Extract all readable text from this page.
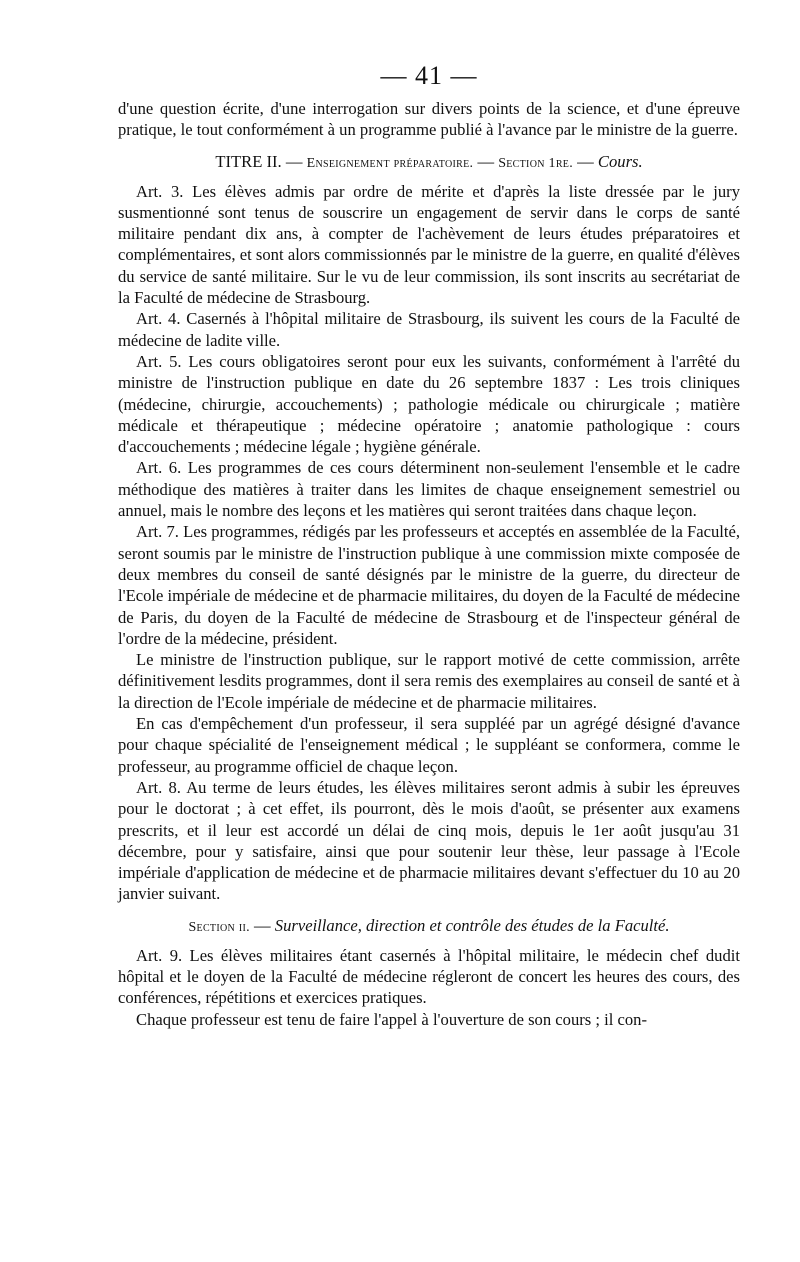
— 41 —

d'une question écrite, d'une interrogation sur divers points de la science, et d'une épreuve pratique, le tout conformément à un programme publié à l'avance par le ministre de la guerre.

TITRE II. — Enseignement préparatoire. — Section 1re. — Cours.

Art. 3. Les élèves admis par ordre de mérite et d'après la liste dressée par le jury susmentionné sont tenus de souscrire un engagement de servir dans le corps de santé militaire pendant dix ans, à compter de l'achèvement de leurs études préparatoires et complémentaires, et sont alors commissionnés par le ministre de la guerre, en qualité d'élèves du service de santé militaire. Sur le vu de leur commission, ils sont inscrits au secrétariat de la Faculté de médecine de Strasbourg.

Art. 4. Casernés à l'hôpital militaire de Strasbourg, ils suivent les cours de la Faculté de médecine de ladite ville.

Art. 5. Les cours obligatoires seront pour eux les suivants, conformément à l'arrêté du ministre de l'instruction publique en date du 26 septembre 1837 : Les trois cliniques (médecine, chirurgie, accouchements) ; pathologie médicale ou chirurgicale ; matière médicale et thérapeutique ; médecine opératoire ; anatomie pathologique : cours d'accouchements ; médecine légale ; hygiène générale.

Art. 6. Les programmes de ces cours déterminent non-seulement l'ensemble et le cadre méthodique des matières à traiter dans les limites de chaque enseignement semestriel ou annuel, mais le nombre des leçons et les matières qui seront traitées dans chaque leçon.

Art. 7. Les programmes, rédigés par les professeurs et acceptés en assemblée de la Faculté, seront soumis par le ministre de l'instruction publique à une commission mixte composée de deux membres du conseil de santé désignés par le ministre de la guerre, du directeur de l'Ecole impériale de médecine et de pharmacie militaires, du doyen de la Faculté de médecine de Paris, du doyen de la Faculté de médecine de Strasbourg et de l'inspecteur général de l'ordre de la médecine, président.

Le ministre de l'instruction publique, sur le rapport motivé de cette commission, arrête définitivement lesdits programmes, dont il sera remis des exemplaires au conseil de santé et à la direction de l'Ecole impériale de médecine et de pharmacie militaires.

En cas d'empêchement d'un professeur, il sera suppléé par un agrégé désigné d'avance pour chaque spécialité de l'enseignement médical ; le suppléant se conformera, comme le professeur, au programme officiel de chaque leçon.

Art. 8. Au terme de leurs études, les élèves militaires seront admis à subir les épreuves pour le doctorat ; à cet effet, ils pourront, dès le mois d'août, se présenter aux examens prescrits, et il leur est accordé un délai de cinq mois, depuis le 1er août jusqu'au 31 décembre, pour y satisfaire, ainsi que pour soutenir leur thèse, leur passage à l'Ecole impériale d'application de médecine et de pharmacie militaires devant s'effectuer du 10 au 20 janvier suivant.

Section ii. — Surveillance, direction et contrôle des études de la Faculté.

Art. 9. Les élèves militaires étant casernés à l'hôpital militaire, le médecin chef dudit hôpital et le doyen de la Faculté de médecine régleront de concert les heures des cours, des conférences, répétitions et exercices pratiques.

Chaque professeur est tenu de faire l'appel à l'ouverture de son cours ; il con-
